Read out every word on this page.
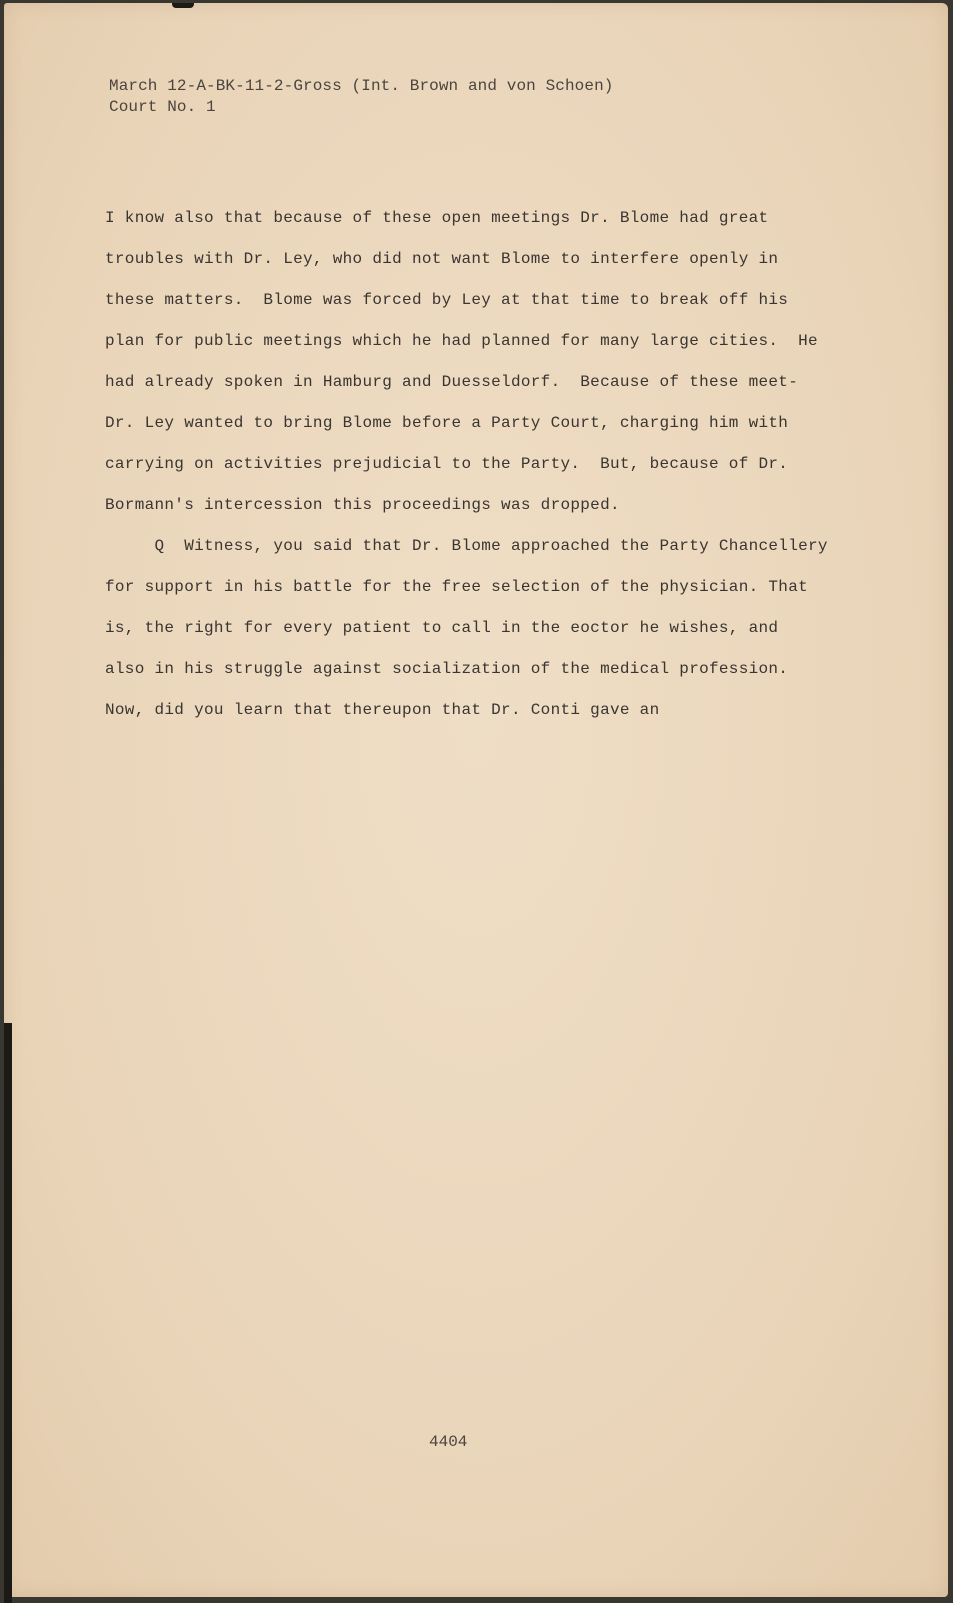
March 12-A-BK-11-2-Gross (Int. Brown and von Schoen)
Court No. 1
I know also that because of these open meetings Dr. Blome had great
troubles with Dr. Ley, who did not want Blome to interfere openly in
these matters.  Blome was forced by Ley at that time to break off his
plan for public meetings which he had planned for many large cities.  He
had already spoken in Hamburg and Duesseldorf.  Because of these meet-
Dr. Ley wanted to bring Blome before a Party Court, charging him with
carrying on activities prejudicial to the Party.  But, because of Dr.
Bormann's intercession this proceedings was dropped.
Q  Witness, you said that Dr. Blome approached the Party Chancellery
for support in his battle for the free selection of the physician. That
is, the right for every patient to call in the eoctor he wishes, and
also in his struggle against socialization of the medical profession.
Now, did you learn that thereupon that Dr. Conti gave an
4404
